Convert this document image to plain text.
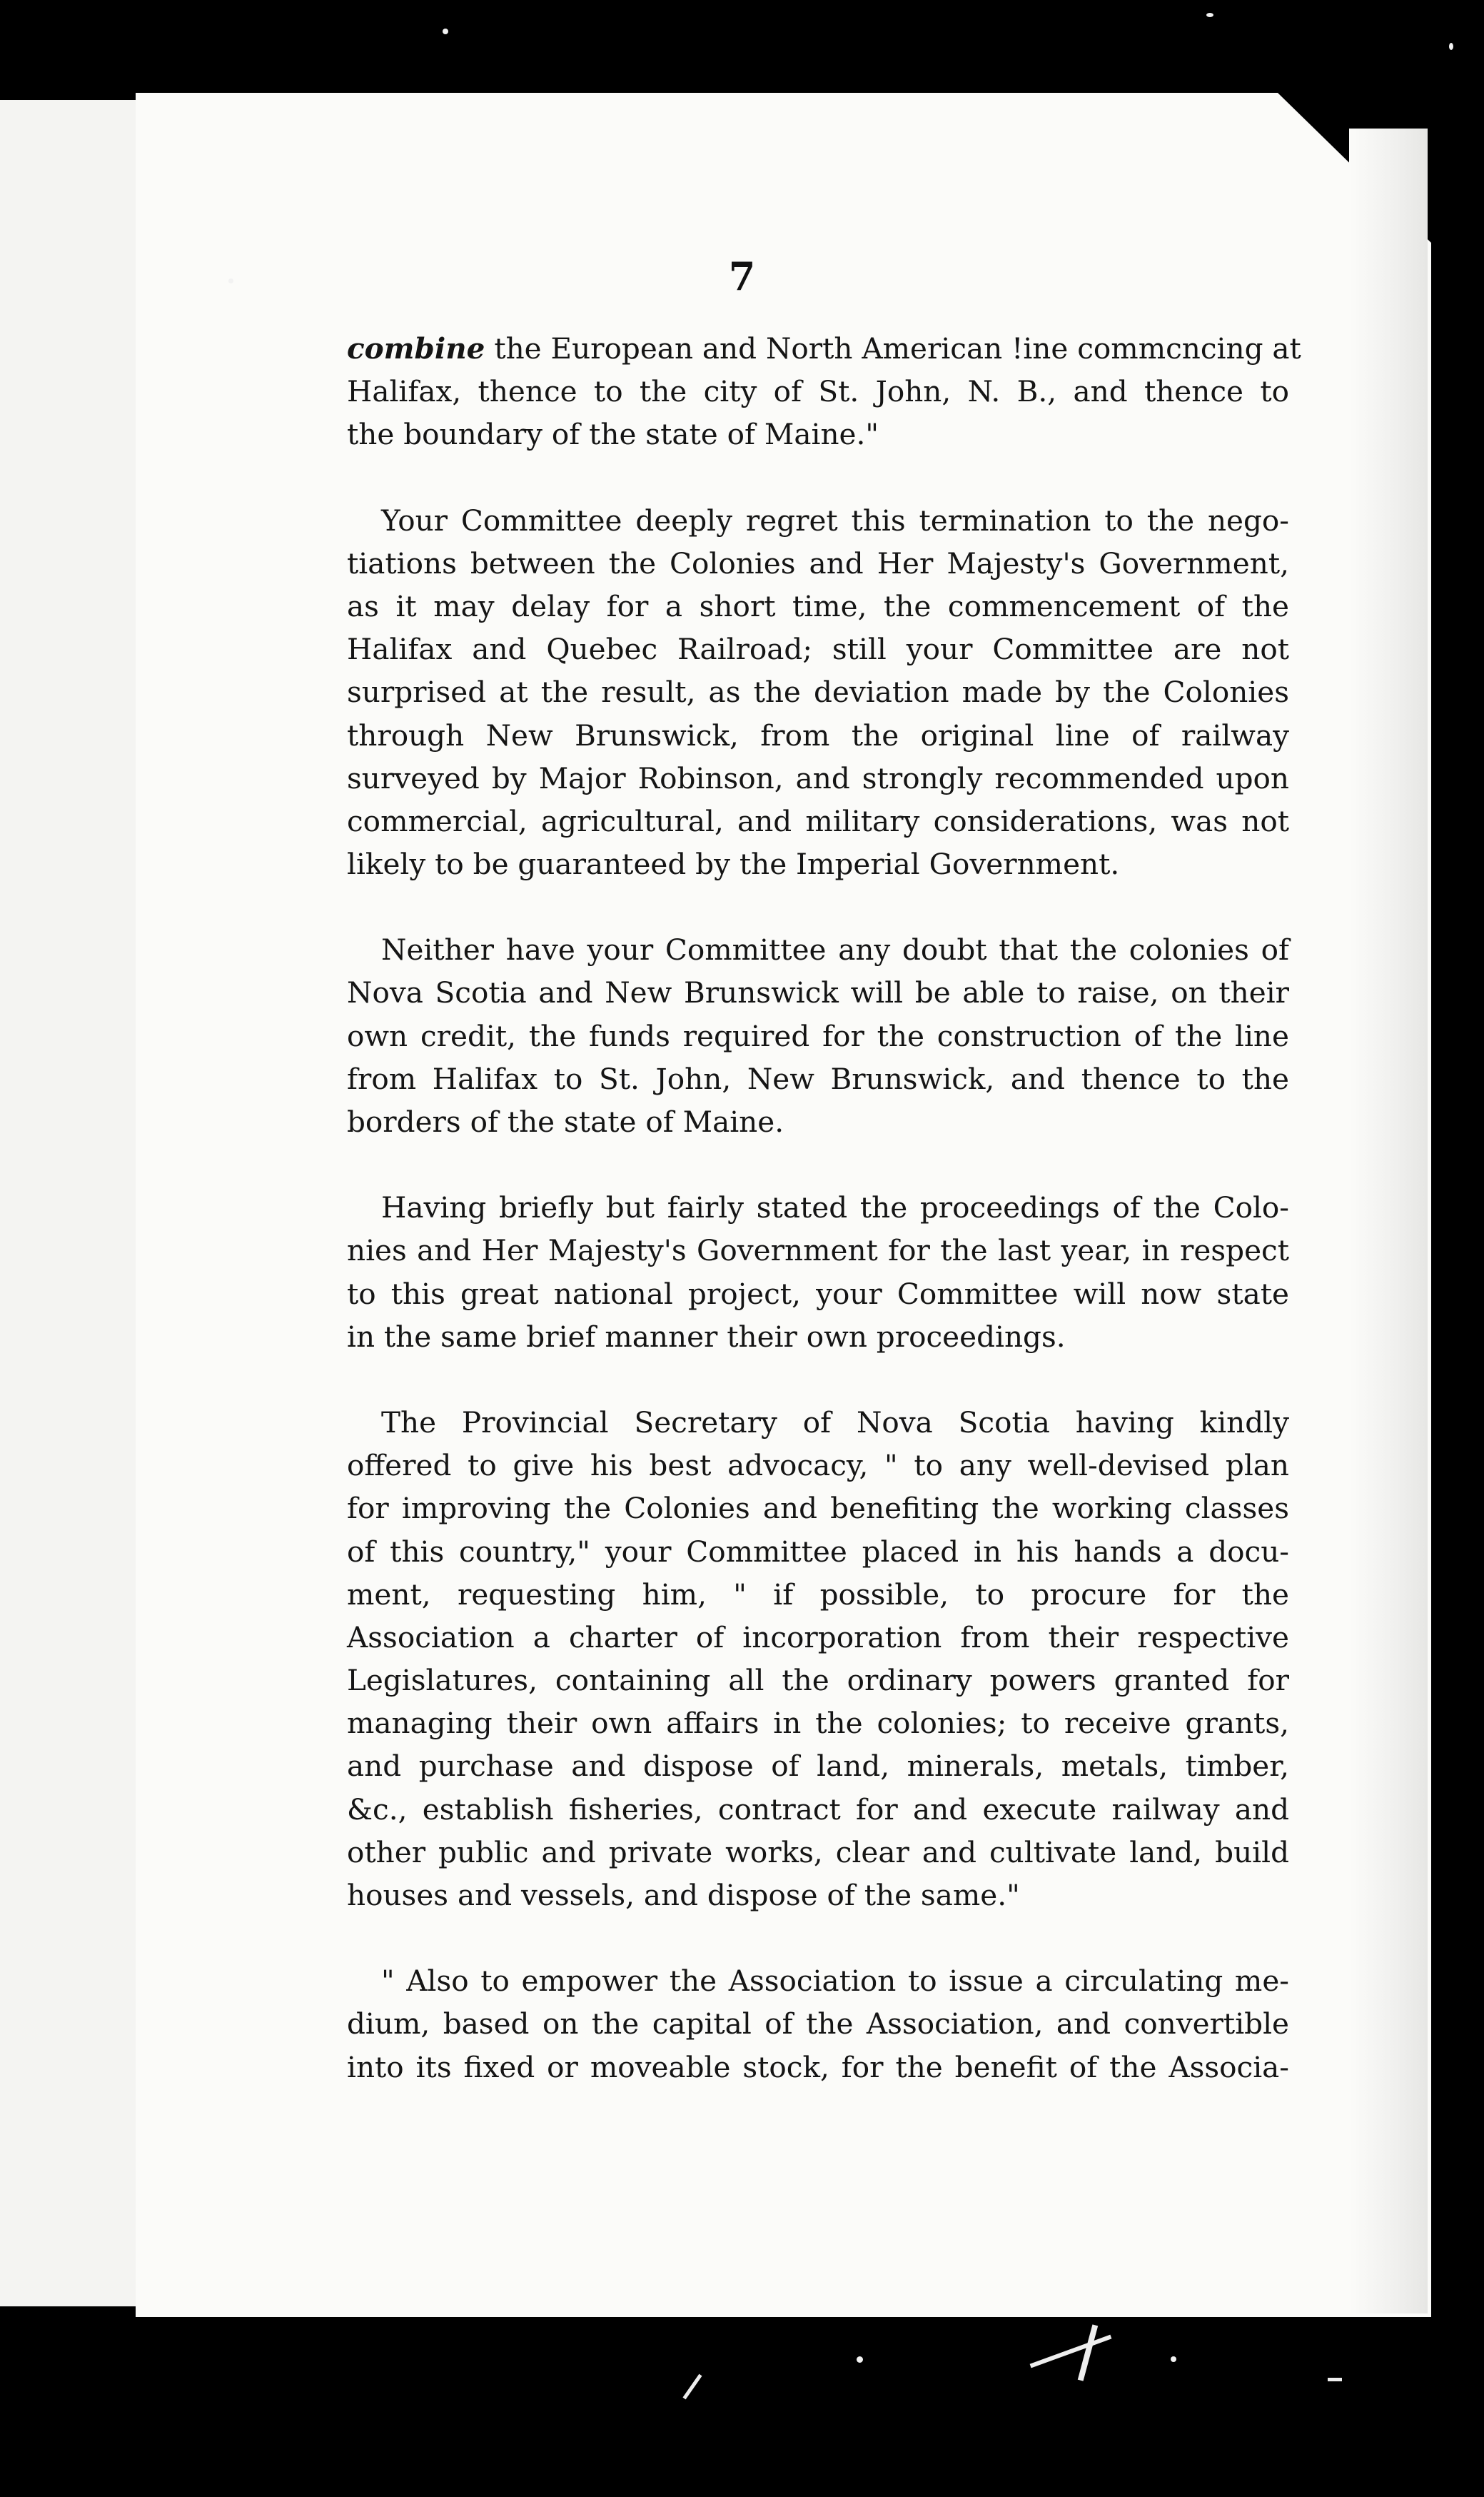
7
combine the European and North American !ine commcncing at
Halifax, thence to the city of St. John, N. B., and thence to
the boundary of the state of Maine."
Your Committee deeply regret this termination to the nego-
tiations between the Colonies and Her Majesty's Government,
as it may delay for a short time, the commencement of the
Halifax and Quebec Railroad; still your Committee are not
surprised at the result, as the deviation made by the Colonies
through New Brunswick, from the original line of railway
surveyed by Major Robinson, and strongly recommended upon
commercial, agricultural, and military considerations, was not
likely to be guaranteed by the Imperial Government.
Neither have your Committee any doubt that the colonies of
Nova Scotia and New Brunswick will be able to raise, on their
own credit, the funds required for the construction of the line
from Halifax to St. John, New Brunswick, and thence to the
borders of the state of Maine.
Having briefly but fairly stated the proceedings of the Colo-
nies and Her Majesty's Government for the last year, in respect
to this great national project, your Committee will now state
in the same brief manner their own proceedings.
The Provincial Secretary of Nova Scotia having kindly
offered to give his best advocacy, " to any well-devised plan
for improving the Colonies and benefiting the working classes
of this country," your Committee placed in his hands a docu-
ment, requesting him, " if possible, to procure for the
Association a charter of incorporation from their respective
Legislatures, containing all the ordinary powers granted for
managing their own affairs in the colonies; to receive grants,
and purchase and dispose of land, minerals, metals, timber,
&c., establish fisheries, contract for and execute railway and
other public and private works, clear and cultivate land, build
houses and vessels, and dispose of the same."
" Also to empower the Association to issue a circulating me-
dium, based on the capital of the Association, and convertible
into its fixed or moveable stock, for the benefit of the Associa-
